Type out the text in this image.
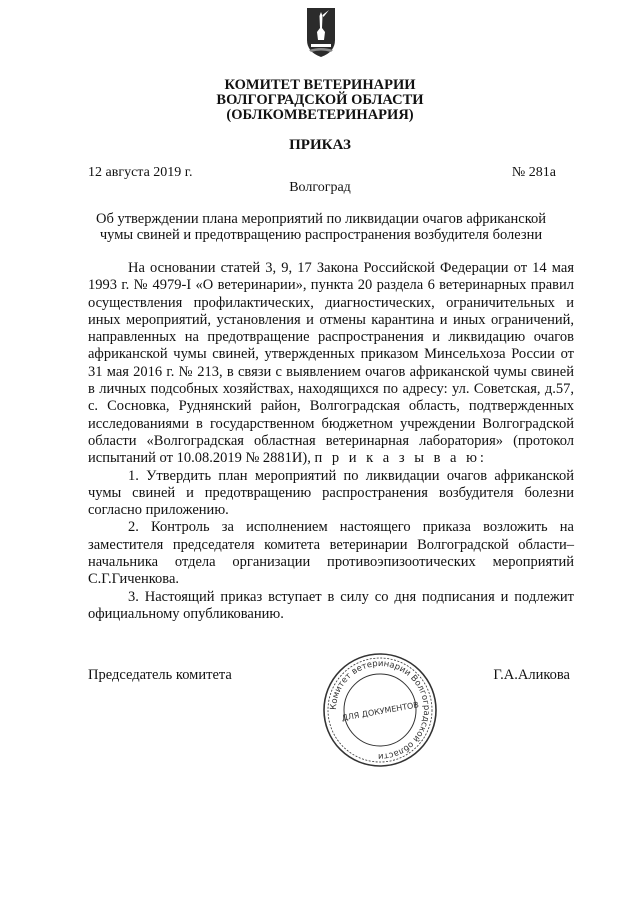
КОМИТЕТ ВЕТЕРИНАРИИ
ВОЛГОГРАДСКОЙ ОБЛАСТИ
(ОБЛКОМВЕТЕРИНАРИЯ)
ПРИКАЗ
12 августа 2019 г.	№ 281а
Волгоград
Об утверждении плана мероприятий по ликвидации очагов африканской
чумы свиней и предотвращению распространения возбудителя болезни

На основании статей 3, 9, 17 Закона Российской Федерации от 14 мая 1993 г. № 4979-I «О ветеринарии», пункта 20 раздела 6 ветеринарных правил осуществления профилактических, диагностических, ограничительных и иных мероприятий, установления и отмены карантина и иных ограничений, направленных на предотвращение распространения и ликвидацию очагов африканской чумы свиней, утвержденных приказом Минсельхоза России от 31 мая 2016 г. № 213, в связи с выявлением очагов африканской чумы свиней в личных подсобных хозяйствах, находящихся по адресу: ул. Советская, д.57, с. Сосновка, Руднянский район, Волгоградская область, подтвержденных исследованиями в государственном бюджетном учреждении Волгоградской области «Волгоградская областная ветеринарная лаборатория» (протокол испытаний от 10.08.2019 № 2881И), п р и к а з ы в а ю:

1. Утвердить план мероприятий по ликвидации очагов африканской чумы свиней и предотвращению распространения возбудителя болезни согласно приложению.

2. Контроль за исполнением настоящего приказа возложить на заместителя председателя комитета ветеринарии Волгоградской области– начальника отдела организации противоэпизоотических мероприятий С.Г.Гиченкова.

3. Настоящий приказ вступает в силу со дня подписания и подлежит официальному опубликованию.

Председатель комитета	Г.А.Аликова
Комитет ветеринарии Волгоградской области
ДЛЯ ДОКУМЕНТОВ
